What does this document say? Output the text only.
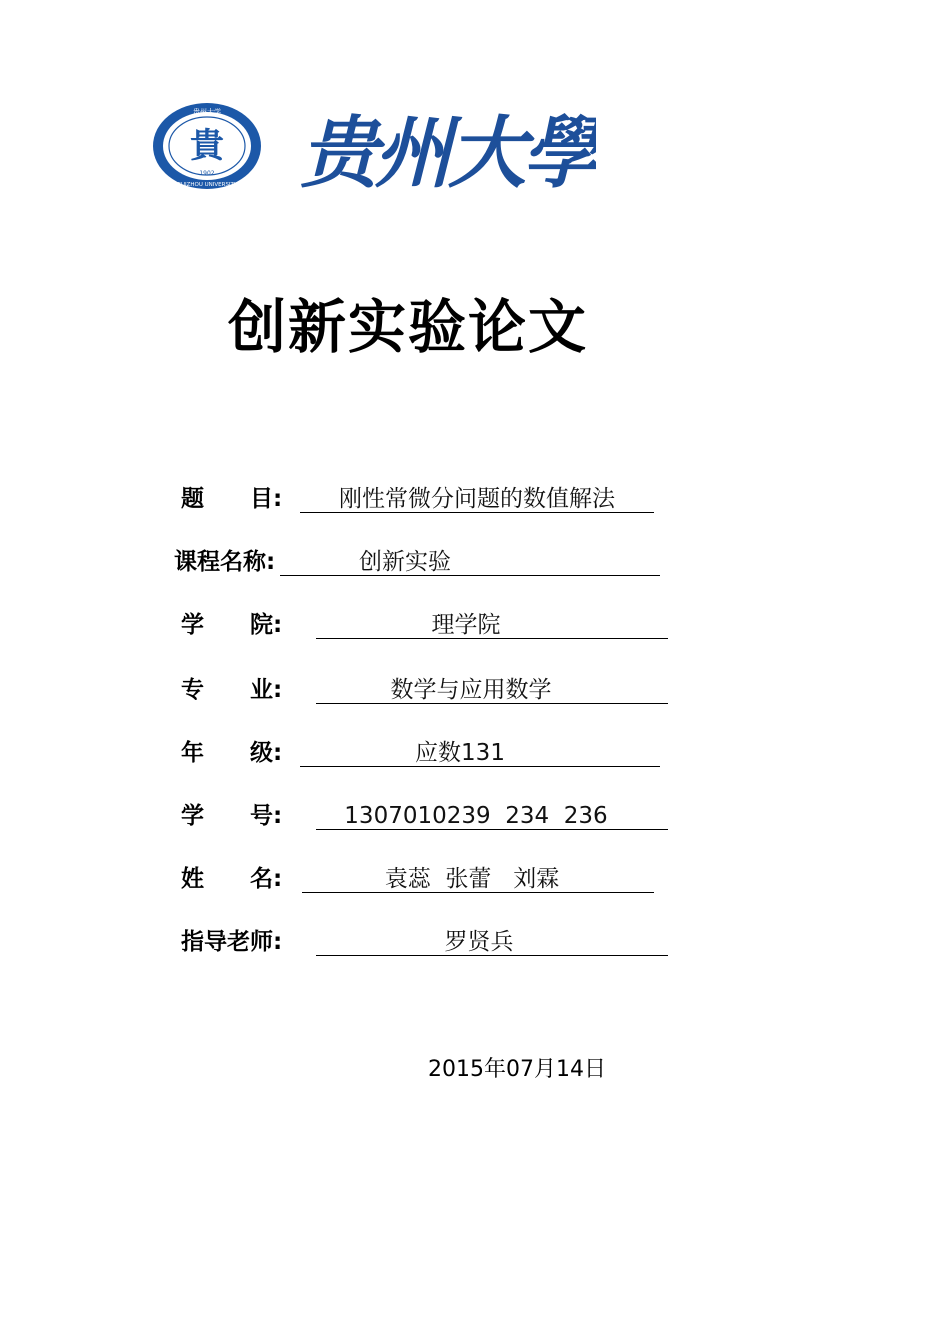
貴
1902
贵州大学
GUIZHOU UNIVERSITY 贵州大學
创新实验论文
题　　目:	刚性常微分问题的数值解法
课程名称:	创新实验
学　　院:	理学院
专　　业:	数学与应用数学
年　　级:	应数131
学　　号:	1307010239  234  236
姓　　名:	袁蕊  张蕾   刘霖
指导老师:	罗贤兵
2015年07月14日
